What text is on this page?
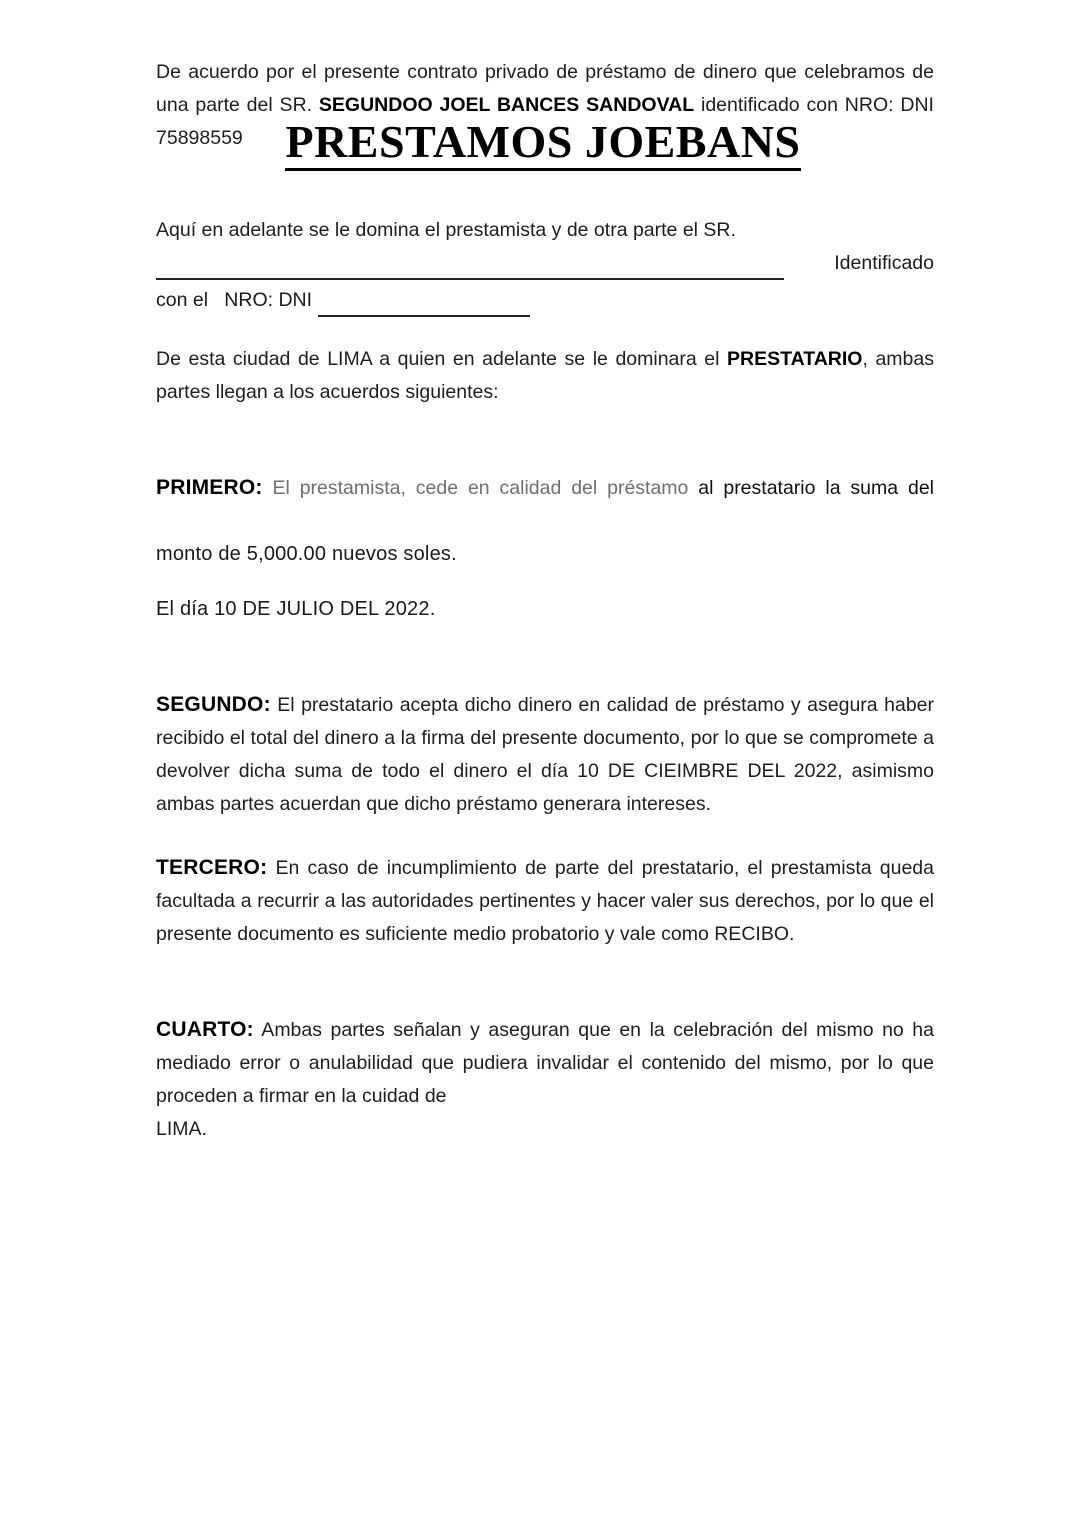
PRESTAMOS JOEBANS

De acuerdo por el presente contrato privado de préstamo de dinero que celebramos de una parte del SR. SEGUNDOO JOEL BANCES SANDOVAL identificado con NRO: DNI 75898559

Aquí en adelante se le domina el prestamista y de otra parte el SR.

Identificado
con el   NRO: DNI

De esta ciudad de LIMA a quien en adelante se le dominara el PRESTATARIO, ambas partes llegan a los acuerdos siguientes:

PRIMERO: El prestamista, cede en calidad del préstamo al prestatario la suma del

monto de 5,000.00 nuevos soles.

El día 10 DE JULIO DEL 2022.

SEGUNDO: El prestatario acepta dicho dinero en calidad de préstamo y asegura haber recibido el total del dinero a la firma del presente documento, por lo que se compromete a devolver dicha suma de todo el dinero el día 10 DE CIEIMBRE DEL 2022, asimismo ambas partes acuerdan que dicho préstamo generara intereses.

TERCERO: En caso de incumplimiento de parte del prestatario, el prestamista queda facultada a recurrir a las autoridades pertinentes y hacer valer sus derechos, por lo que el presente documento es suficiente medio probatorio y vale como RECIBO.

CUARTO: Ambas partes señalan y aseguran que en la celebración del mismo no ha mediado error o anulabilidad que pudiera invalidar el contenido del mismo, por lo que proceden a firmar en la cuidad de

LIMA.
